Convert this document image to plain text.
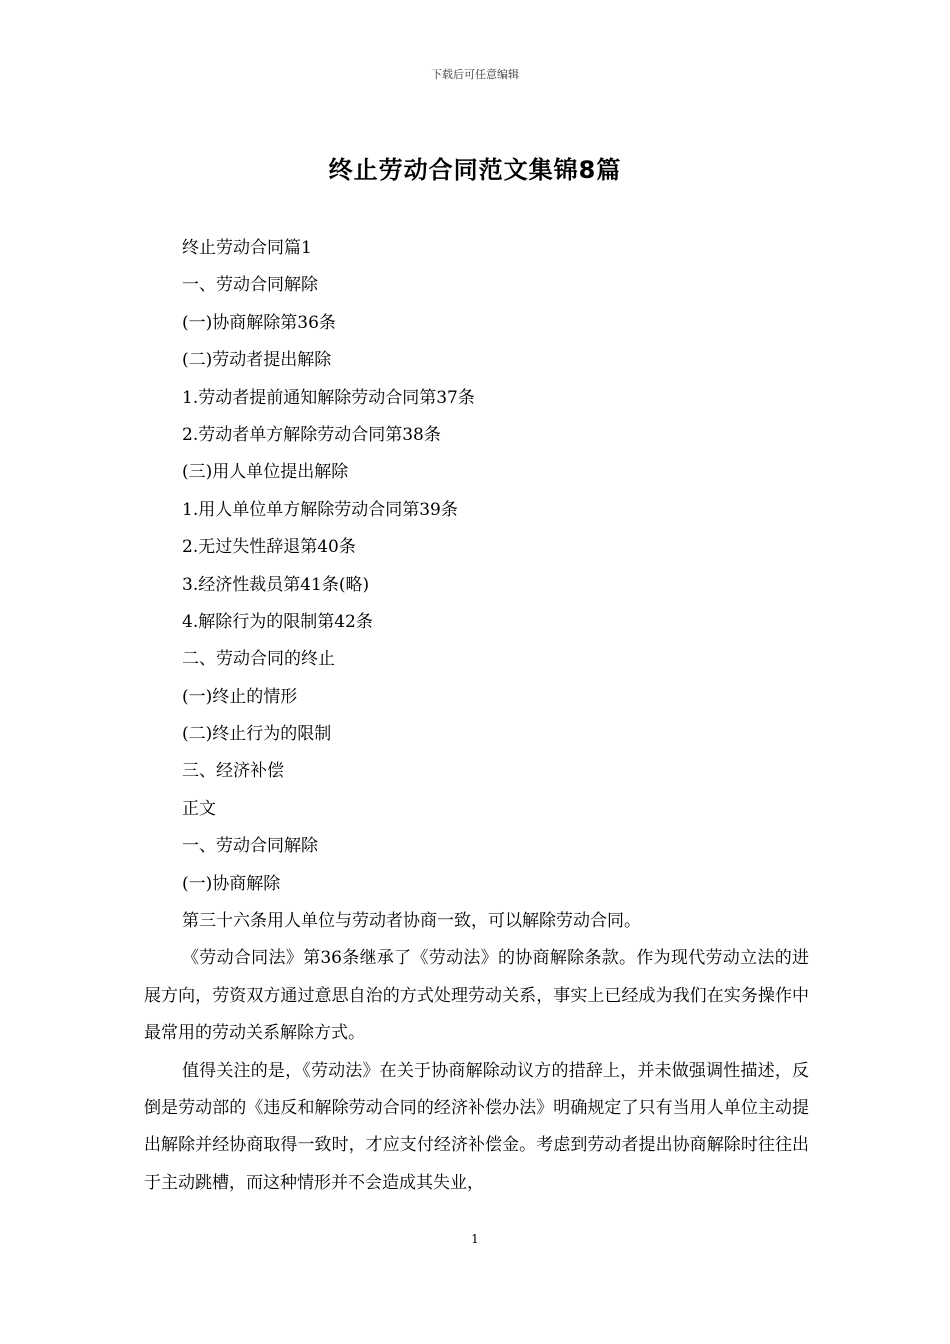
下载后可任意编辑
终止劳动合同范文集锦8篇
终止劳动合同篇1
一、劳动合同解除
(一)协商解除第36条
(二)劳动者提出解除
1.劳动者提前通知解除劳动合同第37条
2.劳动者单方解除劳动合同第38条
(三)用人单位提出解除
1.用人单位单方解除劳动合同第39条
2.无过失性辞退第40条
3.经济性裁员第41条(略)
4.解除行为的限制第42条
二、劳动合同的终止
(一)终止的情形
(二)终止行为的限制
三、经济补偿
正文
一、劳动合同解除
(一)协商解除
第三十六条用人单位与劳动者协商一致，可以解除劳动合同。

《劳动合同法》第36条继承了《劳动法》的协商解除条款。作为现代劳动立法的进展方向，劳资双方通过意思自治的方式处理劳动关系，事实上已经成为我们在实务操作中最常用的劳动关系解除方式。

值得关注的是，《劳动法》在关于协商解除动议方的措辞上，并未做强调性描述，反倒是劳动部的《违反和解除劳动合同的经济补偿办法》明确规定了只有当用人单位主动提出解除并经协商取得一致时，才应支付经济补偿金。考虑到劳动者提出协商解除时往往出于主动跳槽，而这种情形并不会造成其失业，

1
